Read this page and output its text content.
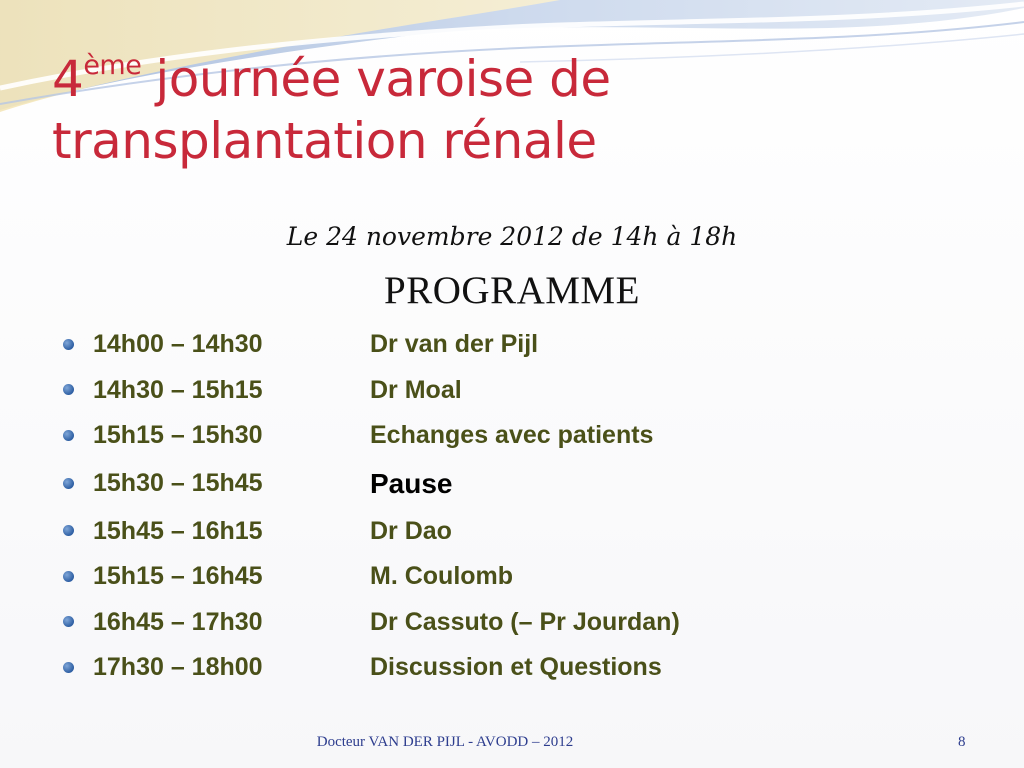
4ème journée varoise de transplantation rénale
Le 24 novembre 2012 de 14h à 18h
PROGRAMME
14h00 – 14h30	Dr van der Pijl
14h30 – 15h15	Dr Moal
15h15 – 15h30	Echanges avec patients
15h30 – 15h45	Pause
15h45 – 16h15	Dr Dao
15h15 – 16h45	M. Coulomb
16h45 – 17h30	Dr Cassuto (– Pr Jourdan)
17h30 – 18h00	Discussion et Questions
Docteur VAN DER PIJL - AVODD – 2012	8
